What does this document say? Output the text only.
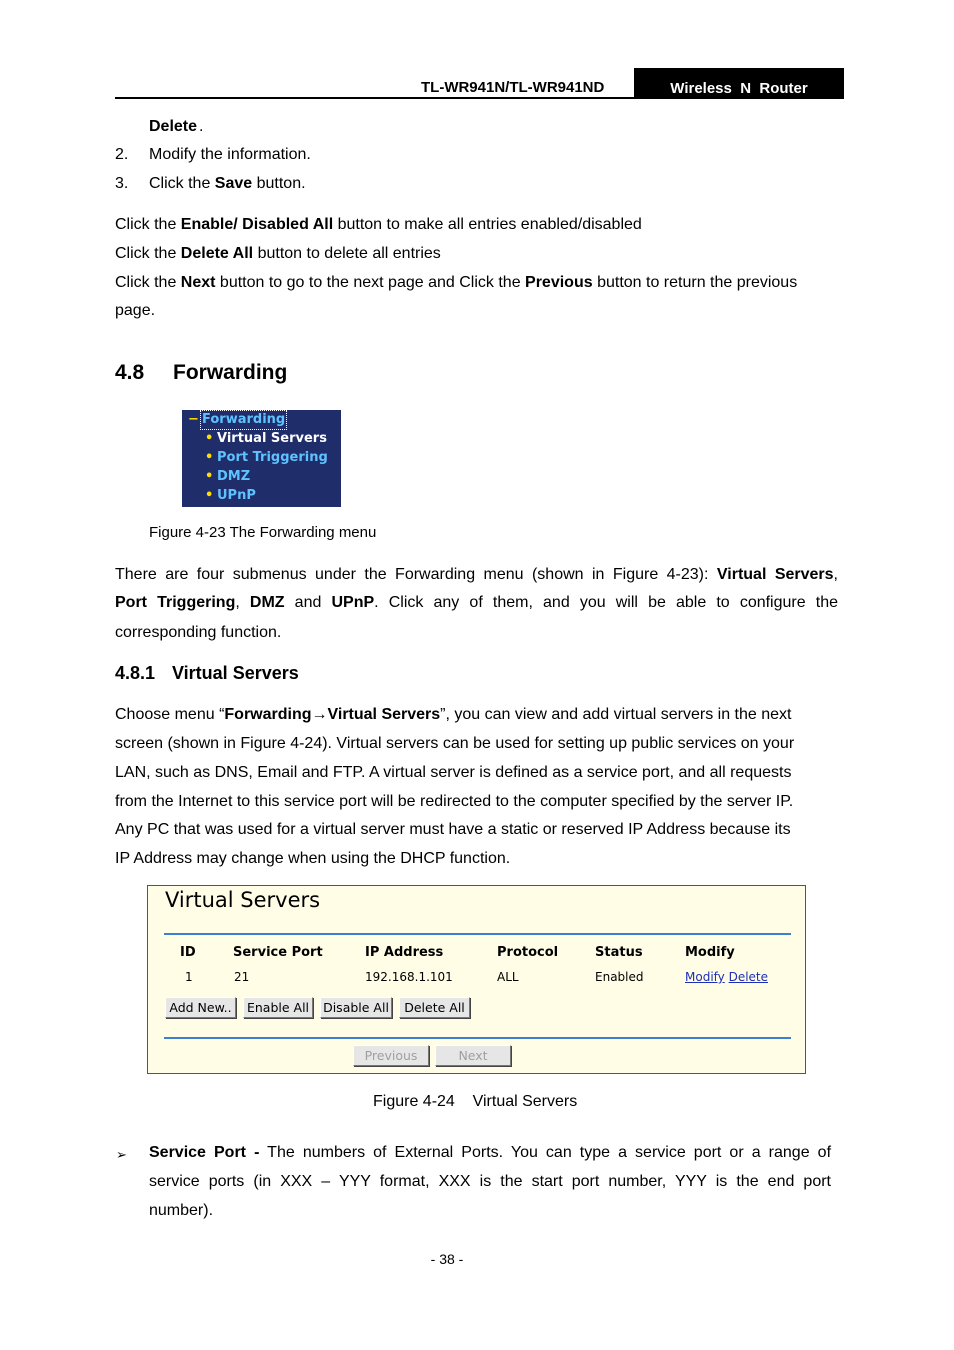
TL-WR941N/TL-WR941ND	Wireless  N  Router
Delete .
2. Modify the information.
3. Click the Save button.
Click the Enable/ Disabled All button to make all entries enabled/disabled
Click the Delete All button to delete all entries
Click the Next button to go to the next page and Click the Previous button to return the previous
page.
4.8 Forwarding
− Forwarding
• Virtual Servers
• Port Triggering
• DMZ
• UPnP
Figure 4-23 The Forwarding menu
There are four submenus under the Forwarding menu (shown in Figure 4-23): Virtual Servers,
Port Triggering, DMZ and UPnP. Click any of them, and you will be able to configure the
corresponding function.
4.8.1 Virtual Servers
Choose menu “Forwarding→Virtual Servers”, you can view and add virtual servers in the next
screen (shown in Figure 4-24). Virtual servers can be used for setting up public services on your
LAN, such as DNS, Email and FTP. A virtual server is defined as a service port, and all requests
from the Internet to this service port will be redirected to the computer specified by the server IP.
Any PC that was used for a virtual server must have a static or reserved IP Address because its
IP Address may change when using the DHCP function.
Virtual Servers
ID	Service Port	IP Address	Protocol	Status	Modify
1	21	192.168.1.101	ALL	Enabled	Modify Delete
Add New..	Enable All	Disable All	Delete All
Previous	Next
Figure 4-24    Virtual Servers
➢ Service Port - The numbers of External Ports. You can type a service port or a range of
service ports (in XXX – YYY format, XXX is the start port number, YYY is the end port
number).
- 38 -
